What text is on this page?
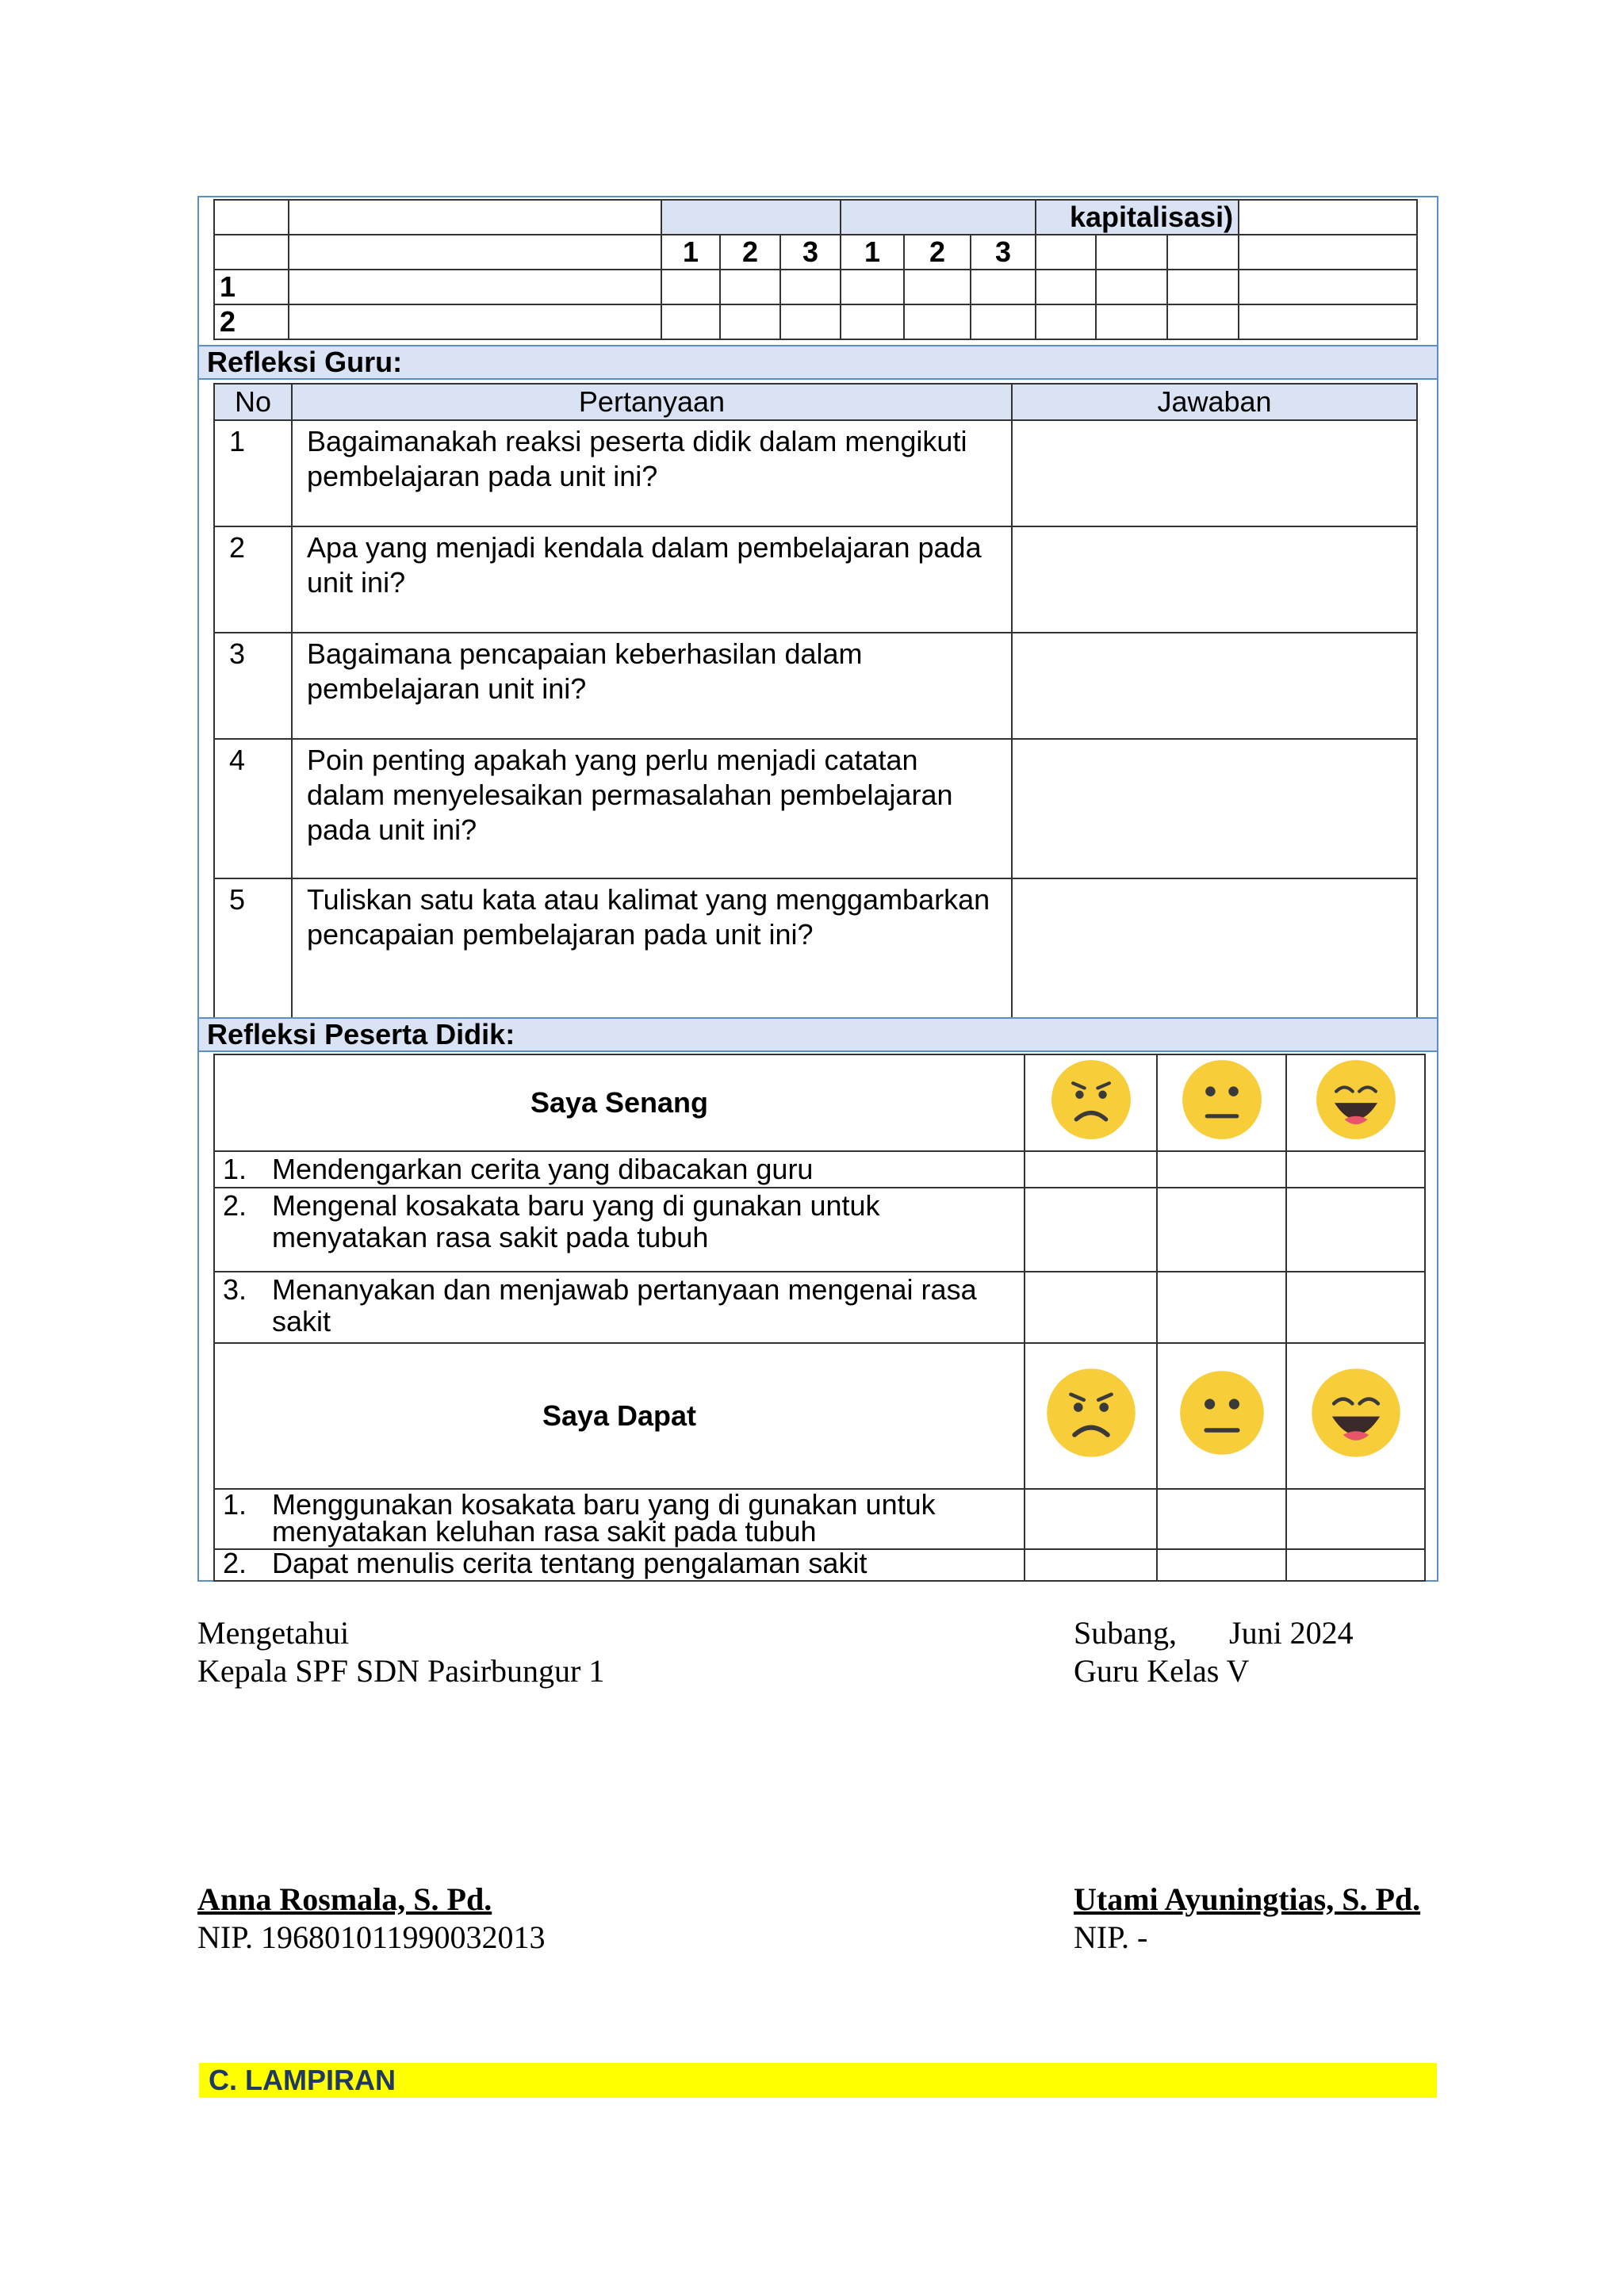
								kapitalisasi)			
		1	2	3	1	2	3				
1											
2											
Refleksi Guru:
No	Pertanyaan	Jawaban
1	Bagaimanakah reaksi peserta didik dalam mengikuti pembelajaran pada unit ini?	
2	Apa yang menjadi kendala dalam pembelajaran pada unit ini?	
3	Bagaimana pencapaian keberhasilan dalam pembelajaran unit ini?	
4	Poin penting apakah yang perlu menjadi catatan dalam menyelesaikan permasalahan pembelajaran pada unit ini?	
5	Tuliskan satu kata atau kalimat yang menggambarkan pencapaian pembelajaran pada unit ini?	
Refleksi Peserta Didik:
Saya Senang			

1. Mendengarkan cerita yang dibacakan guru			

2. Mengenal kosakata baru yang di gunakan untuk menyatakan rasa sakit pada tubuh			

3. Menanyakan dan menjawab pertanyaan mengenai rasa sakit			

Saya Dapat			

1. Menggunakan kosakata baru yang di gunakan untuk menyatakan keluhan rasa sakit pada tubuh			

2. Dapat menulis cerita tentang pengalaman sakit			

Mengetahui
Kepala SPF SDN Pasirbungur 1
Anna Rosmala, S. Pd.
NIP. 196801011990032013
Subang, Juni 2024
Guru Kelas V
Utami Ayuningtias, S. Pd.
NIP. -
C. LAMPIRAN
